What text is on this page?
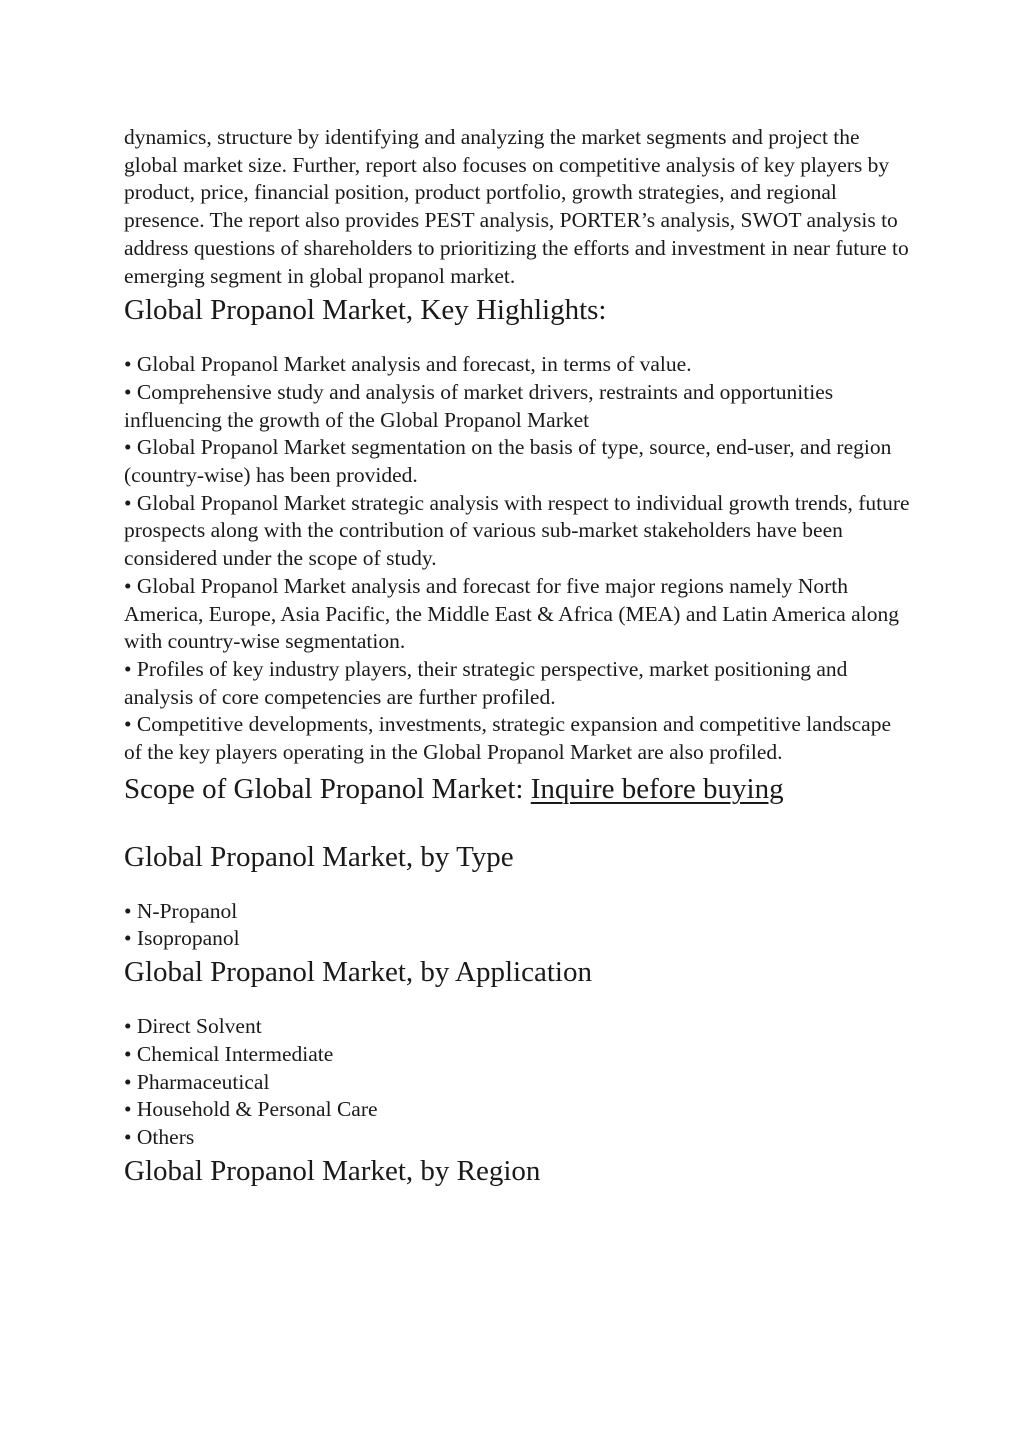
dynamics, structure by identifying and analyzing the market segments and project the global market size. Further, report also focuses on competitive analysis of key players by product, price, financial position, product portfolio, growth strategies, and regional presence. The report also provides PEST analysis, PORTER’s analysis, SWOT analysis to address questions of shareholders to prioritizing the efforts and investment in near future to emerging segment in global propanol market.

Global Propanol Market, Key Highlights:
• Global Propanol Market analysis and forecast, in terms of value.
• Comprehensive study and analysis of market drivers, restraints and opportunities influencing the growth of the Global Propanol Market
• Global Propanol Market segmentation on the basis of type, source, end-user, and region (country-wise) has been provided.
• Global Propanol Market strategic analysis with respect to individual growth trends, future prospects along with the contribution of various sub-market stakeholders have been considered under the scope of study.
• Global Propanol Market analysis and forecast for five major regions namely North America, Europe, Asia Pacific, the Middle East & Africa (MEA) and Latin America along with country-wise segmentation.
• Profiles of key industry players, their strategic perspective, market positioning and analysis of core competencies are further profiled.
• Competitive developments, investments, strategic expansion and competitive landscape of the key players operating in the Global Propanol Market are also profiled.
Scope of Global Propanol Market: Inquire before buying
Global Propanol Market, by Type
• N-Propanol
• Isopropanol
Global Propanol Market, by Application
• Direct Solvent
• Chemical Intermediate
• Pharmaceutical
• Household & Personal Care
• Others
Global Propanol Market, by Region
